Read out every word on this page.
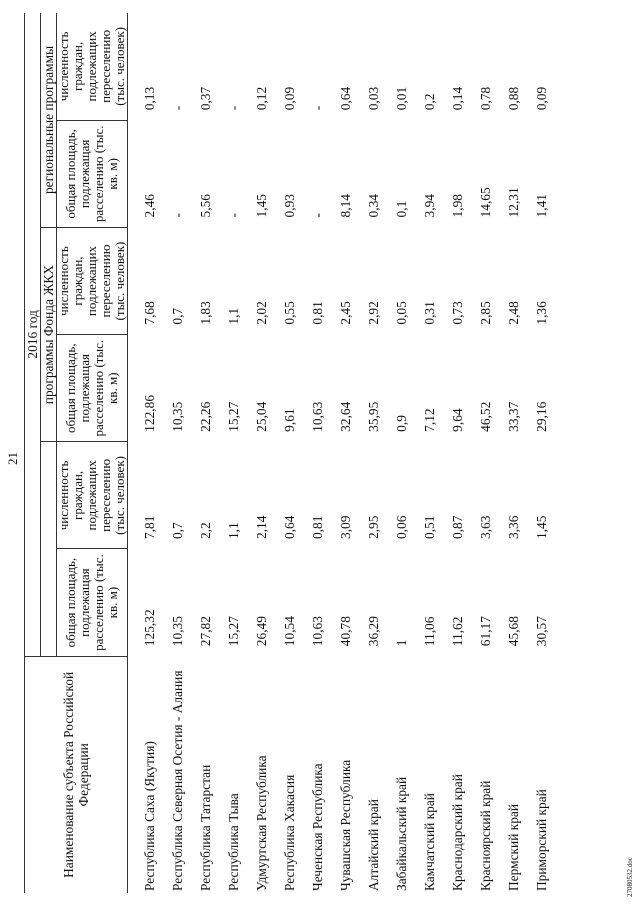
21

Наименование субъекта Российской Федерации	2016 год					
			программы Фонда ЖКХ		региональные программы	
	общая площадь, подлежащая расселению (тыс. кв. м)	численность граждан, подлежащих переселению (тыс. человек)	общая площадь, подлежащая расселению (тыс. кв. м)	численность граждан, подлежащих переселению (тыс. человек)	общая площадь, подлежащая расселению (тыс. кв. м)	численность граждан, подлежащих переселению (тыс. человек)

Республика Саха (Якутия)	125,32	7,81	122,86	7,68	2,46	0,13
Республика Северная Осетия - Алания	10,35	0,7	10,35	0,7	-	-
Республика Татарстан	27,82	2,2	22,26	1,83	5,56	0,37
Республика Тыва	15,27	1,1	15,27	1,1	-	-
Удмуртская Республика	26,49	2,14	25,04	2,02	1,45	0,12
Республика Хакасия	10,54	0,64	9,61	0,55	0,93	0,09
Чеченская Республика	10,63	0,81	10,63	0,81	-	-
Чувашская Республика	40,78	3,09	32,64	2,45	8,14	0,64
Алтайский край	36,29	2,95	35,95	2,92	0,34	0,03
Забайкальский край	1	0,06	0,9	0,05	0,1	0,01
Камчатский край	11,06	0,51	7,12	0,31	3,94	0,2
Краснодарский край	11,62	0,87	9,64	0,73	1,98	0,14
Красноярский край	61,17	3,63	46,52	2,85	14,65	0,78
Пермский край	45,68	3,36	33,37	2,48	12,31	0,88
Приморский край	30,57	1,45	29,16	1,36	1,41	0,09
27080532.doc
